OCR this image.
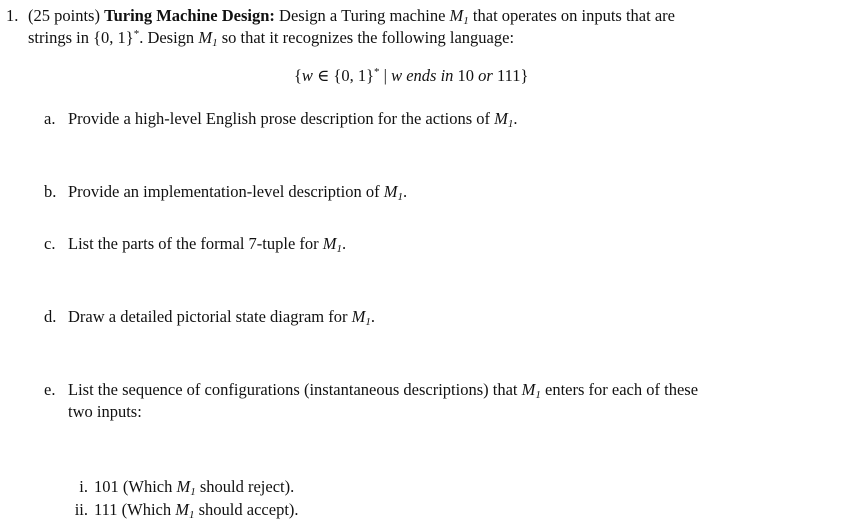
1. (25 points) Turing Machine Design: Design a Turing machine $M_1$ that operates on inputs that are
strings in {0, 1}*. Design $M_1$ so that it recognizes the following language:
{w ∈ {0, 1}* | w ends in 10 or 111}
a. Provide a high-level English prose description for the actions of $M_1$.
b. Provide an implementation-level description of $M_1$.
c. List the parts of the formal 7-tuple for $M_1$.
d. Draw a detailed pictorial state diagram for $M_1$.
e. List the sequence of configurations (instantaneous descriptions) that $M_1$ enters for each of these
two inputs:
i. 101 (Which $M_1$ should reject).
ii. 111 (Which $M_1$ should accept).
